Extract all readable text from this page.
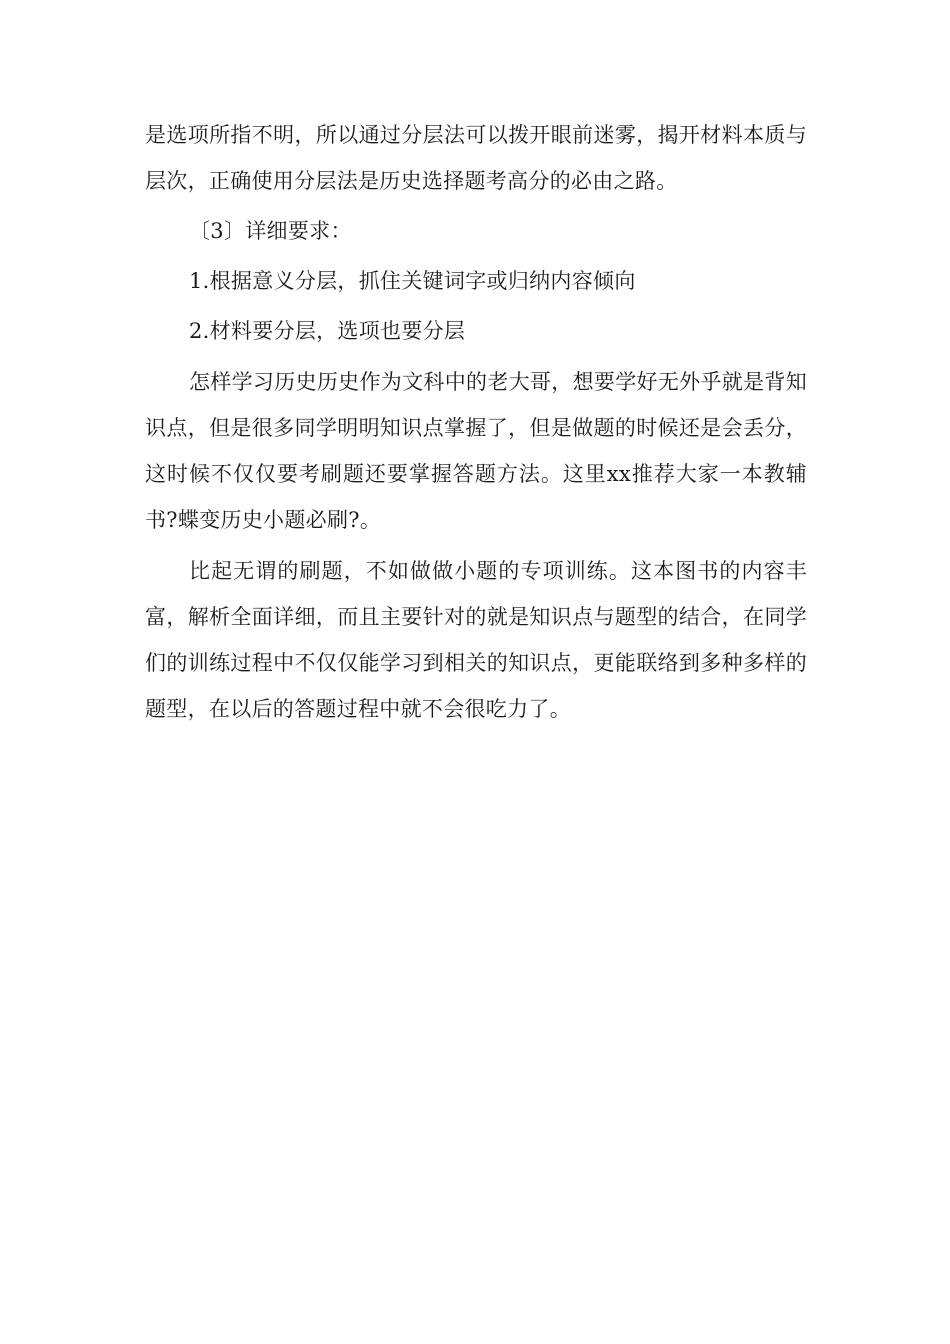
是选项所指不明，所以通过分层法可以拨开眼前迷雾，揭开材料本质与层次，正确使用分层法是历史选择题考高分的必由之路。

〔3〕详细要求：

1.根据意义分层，抓住关键词字或归纳内容倾向

2.材料要分层，选项也要分层

怎样学习历史历史作为文科中的老大哥，想要学好无外乎就是背知识点，但是很多同学明明知识点掌握了，但是做题的时候还是会丢分，这时候不仅仅要考刷题还要掌握答题方法。这里xx推荐大家一本教辅书?蝶变历史小题必刷?。

比起无谓的刷题，不如做做小题的专项训练。这本图书的内容丰富，解析全面详细，而且主要针对的就是知识点与题型的结合，在同学们的训练过程中不仅仅能学习到相关的知识点，更能联络到多种多样的题型，在以后的答题过程中就不会很吃力了。
